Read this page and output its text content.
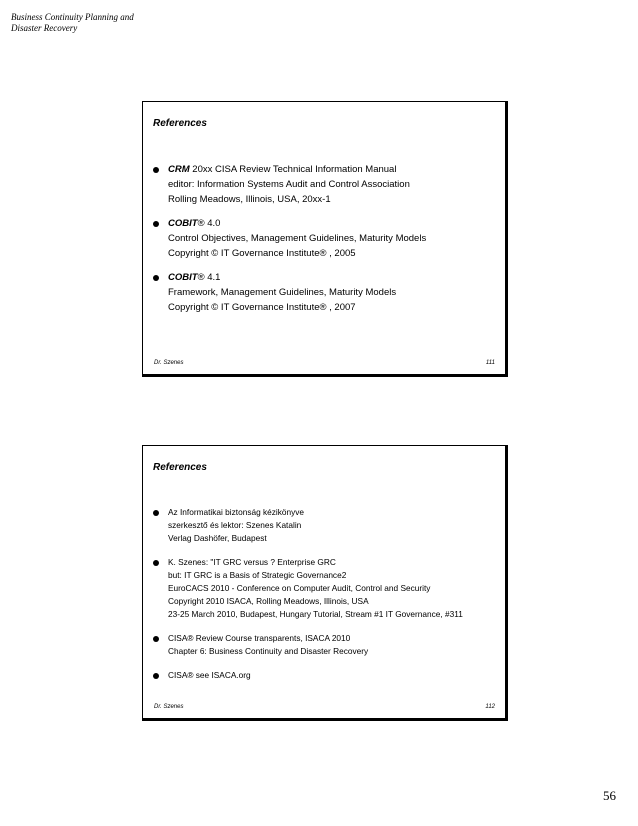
Business Continuity Planning and
Disaster Recovery
References
CRM 20xx CISA Review Technical Information Manual
editor: Information Systems Audit and Control Association
Rolling Meadows, Illinois, USA, 20xx-1
COBIT® 4.0
Control Objectives, Management Guidelines, Maturity Models
Copyright © IT Governance Institute® , 2005
COBIT® 4.1
Framework, Management Guidelines, Maturity Models
Copyright © IT Governance Institute® , 2007
Dr. Szenes	111
References
Az Informatikai biztonság kézikönyve
szerkesztő és lektor: Szenes Katalin
Verlag Dashöfer, Budapest
K. Szenes: "IT GRC versus ? Enterprise GRC
but: IT GRC is a Basis of Strategic Governance2
EuroCACS 2010 - Conference on Computer Audit, Control and Security
Copyright 2010 ISACA, Rolling Meadows, Illinois, USA
23-25 March 2010, Budapest, Hungary Tutorial, Stream #1 IT Governance, #311
CISA® Review Course transparents, ISACA 2010
Chapter 6: Business Continuity and Disaster Recovery
CISA® see ISACA.org
Dr. Szenes	112
56
